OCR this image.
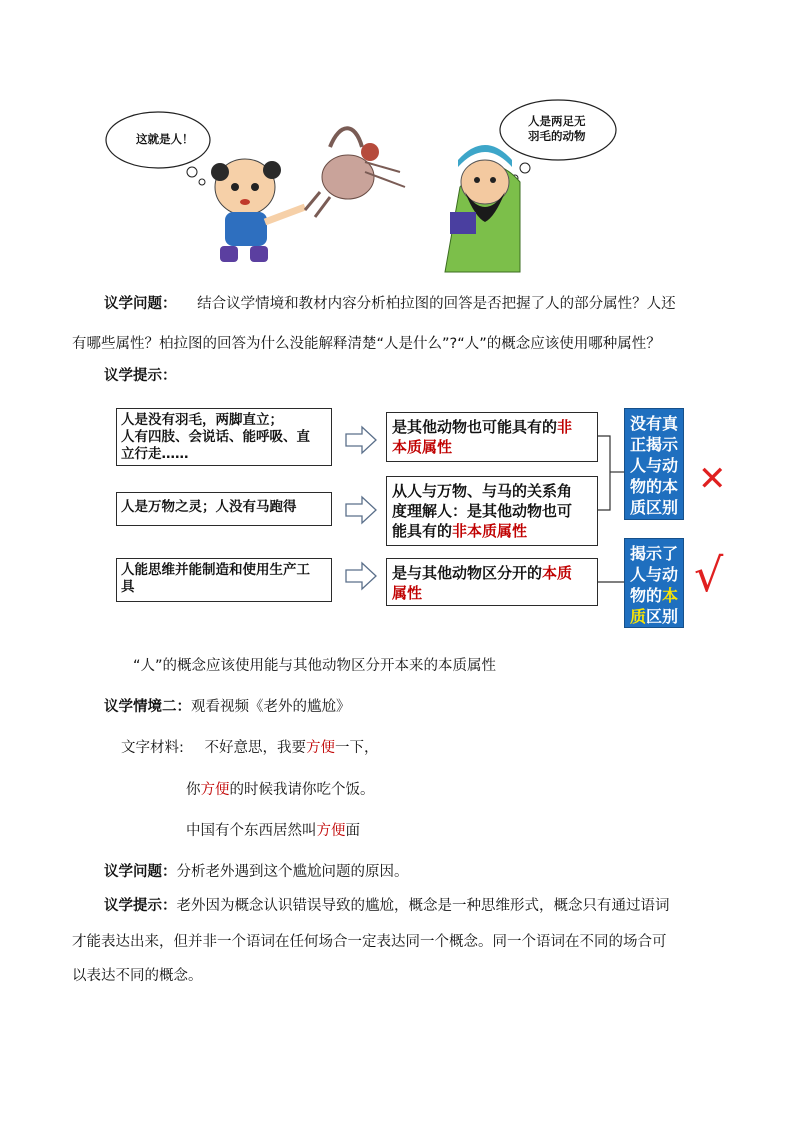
这就是人！
人是两足无
羽毛的动物
议学问题： 结合议学情境和教材内容分析柏拉图的回答是否把握了人的部分属性？人还
有哪些属性？柏拉图的回答为什么没能解释清楚“人是什么”?“人”的概念应该使用哪种属性？
议学提示：
人是没有羽毛，两脚直立；
人有四肢、会说话、能呼吸、直
立行走……
人是万物之灵；人没有马跑得
人能思维并能制造和使用生产工
具
是其他动物也可能具有的非
本质属性
从人与万物、与马的关系角
度理解人：是其他动物也可
能具有的非本质属性
是与其他动物区分开的本质
属性
没有真
正揭示
人与动
物的本
质区别
揭示了
人与动
物的本
质区别
✕
√
“人”的概念应该使用能与其他动物区分开本来的本质属性
议学情境二：观看视频《老外的尴尬》
文字材料: 不好意思，我要方便一下，
你方便的时候我请你吃个饭。
中国有个东西居然叫方便面
议学问题：分析老外遇到这个尴尬问题的原因。
议学提示：老外因为概念认识错误导致的尴尬，概念是一种思维形式，概念只有通过语词
才能表达出来，但并非一个语词在任何场合一定表达同一个概念。同一个语词在不同的场合可
以表达不同的概念。
